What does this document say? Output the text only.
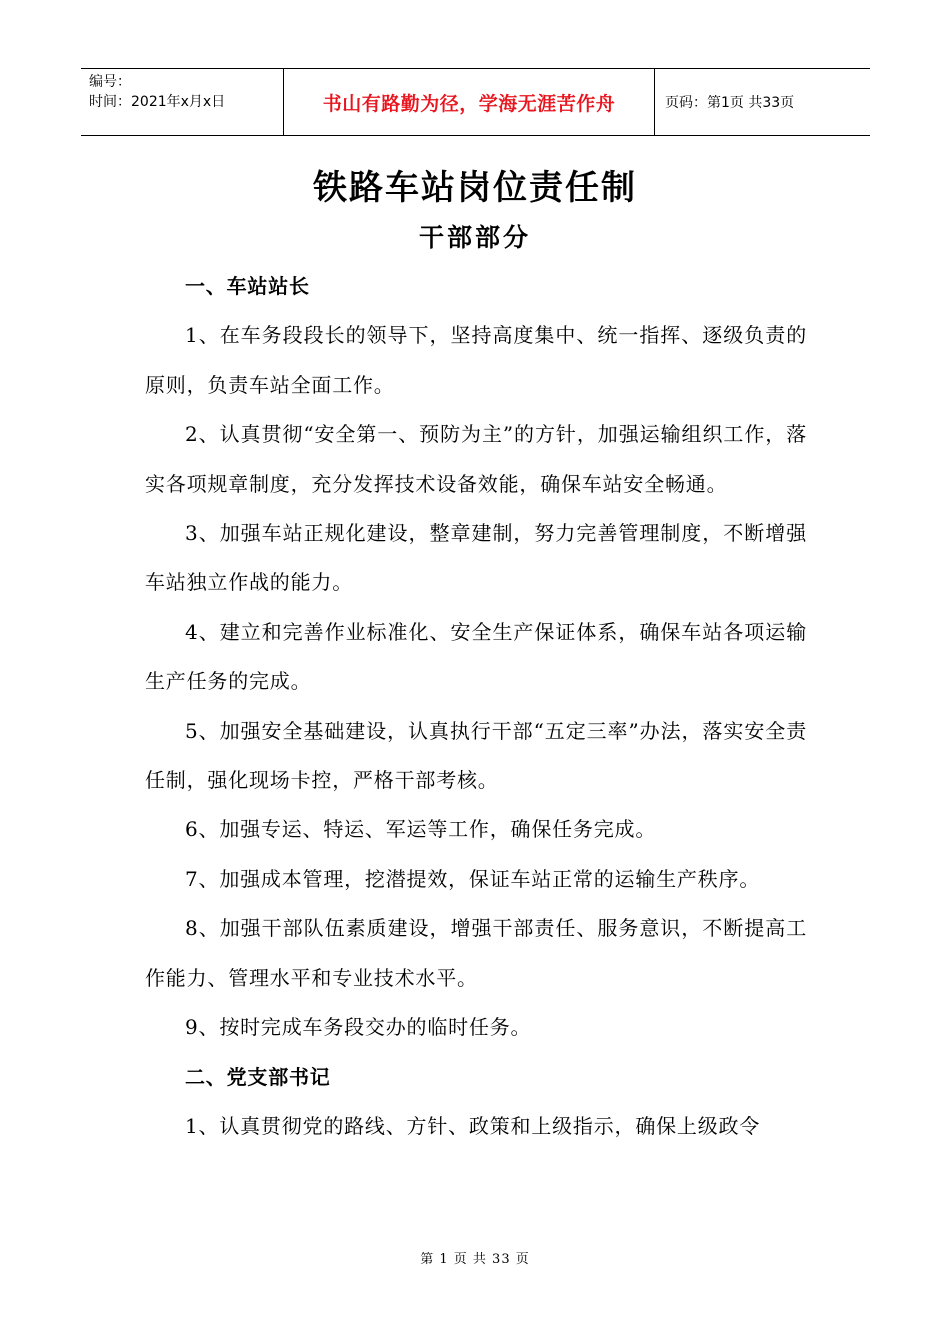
编号：
时间：2021年x月x日	书山有路勤为径，学海无涯苦作舟	页码：第1页 共33页
铁路车站岗位责任制
干部部分
一、车站站长

1、在车务段段长的领导下，坚持高度集中、统一指挥、逐级负责的原则，负责车站全面工作。

2、认真贯彻“安全第一、预防为主”的方针，加强运输组织工作，落实各项规章制度，充分发挥技术设备效能，确保车站安全畅通。

3、加强车站正规化建设，整章建制，努力完善管理制度，不断增强车站独立作战的能力。

4、建立和完善作业标准化、安全生产保证体系，确保车站各项运输生产任务的完成。

5、加强安全基础建设，认真执行干部“五定三率”办法，落实安全责任制，强化现场卡控，严格干部考核。

6、加强专运、特运、军运等工作，确保任务完成。

7、加强成本管理，挖潜提效，保证车站正常的运输生产秩序。

8、加强干部队伍素质建设，增强干部责任、服务意识，不断提高工作能力、管理水平和专业技术水平。

9、按时完成车务段交办的临时任务。

二、党支部书记

1、认真贯彻党的路线、方针、政策和上级指示，确保上级政令

第 1 页 共 33 页
